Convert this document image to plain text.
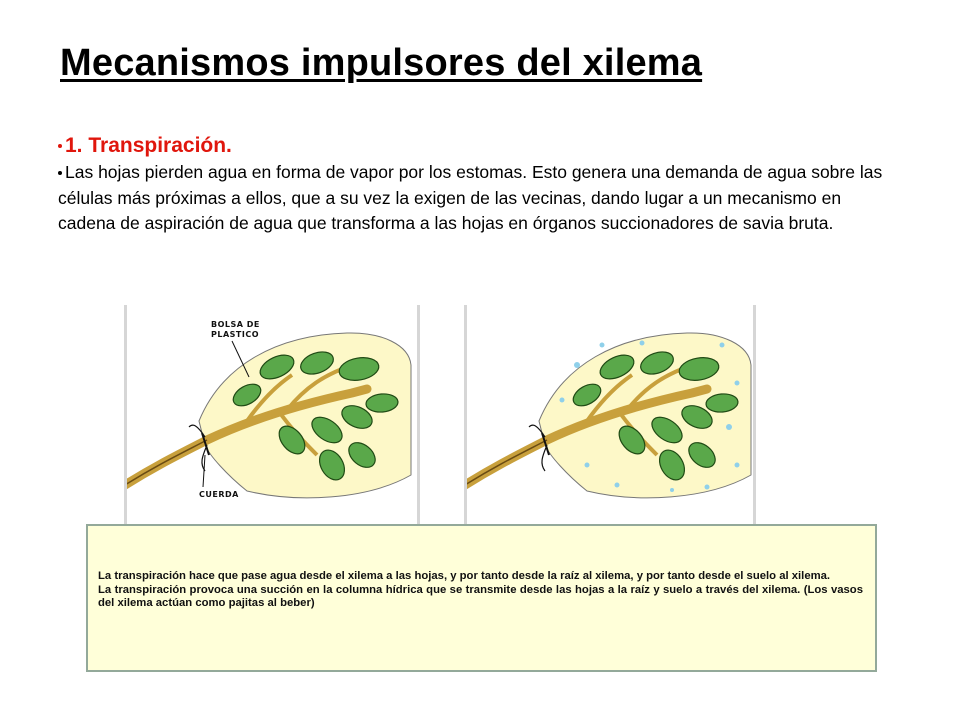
Mecanismos impulsores del xilema
1. Transpiración.
Las hojas pierden agua en forma de vapor por los estomas. Esto genera una demanda de agua sobre las células más próximas a ellos, que a su vez la exigen de las vecinas, dando lugar a un mecanismo en cadena de aspiración de agua que transforma a las hojas en órganos succionadores de savia bruta.
BOLSA DE
PLASTICO
CUERDA

La transpiración hace que pase agua desde el xilema a las hojas, y por tanto desde la raíz al xilema, y por tanto desde el suelo al xilema.

La transpiración provoca una succión en la columna hídrica que se transmite desde las hojas a la raíz y suelo a través del xilema. (Los vasos del xilema actúan como pajitas al beber)
